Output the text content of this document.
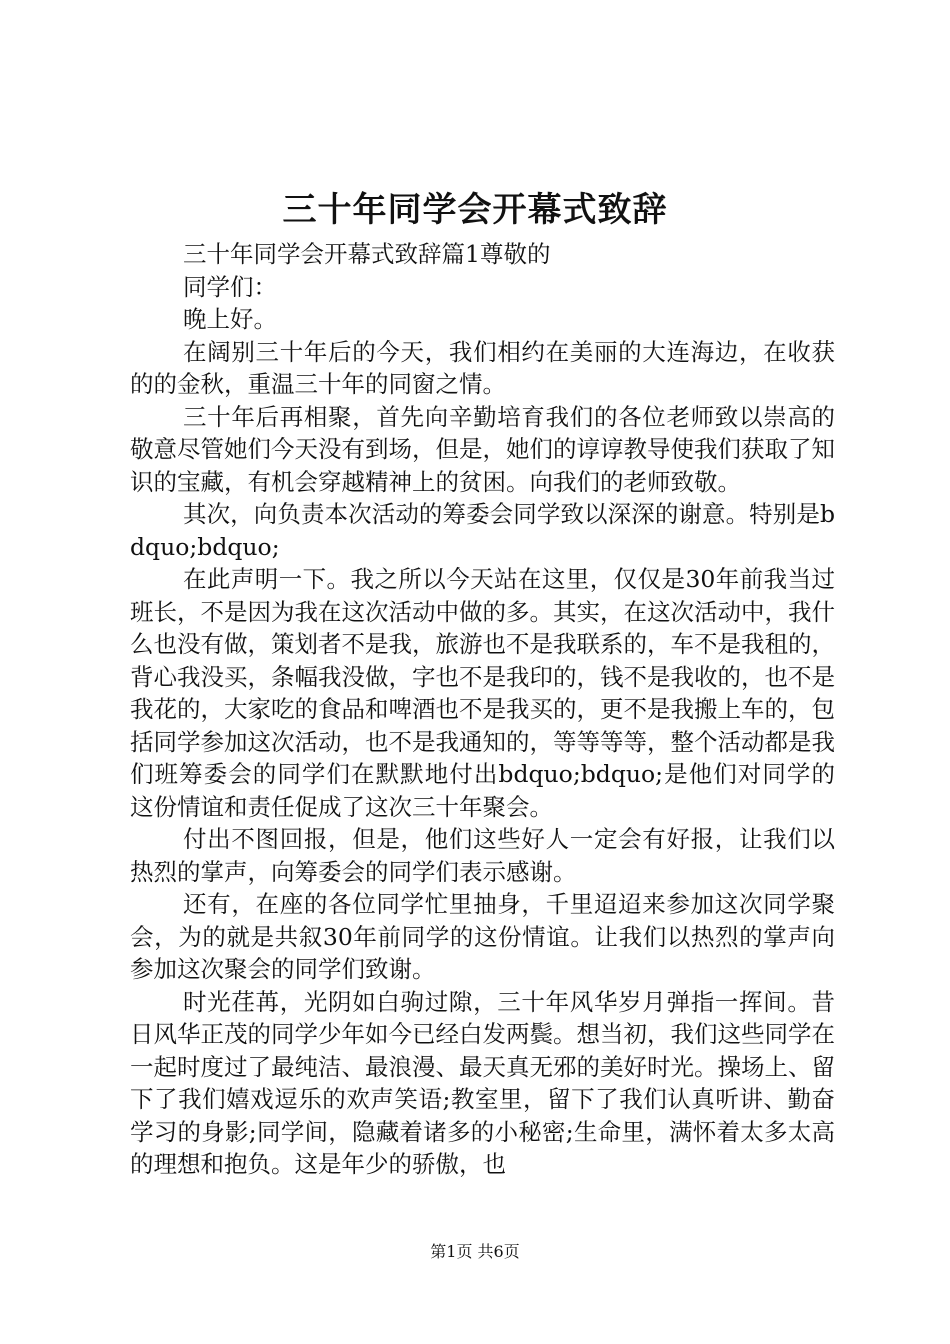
三十年同学会开幕式致辞

三十年同学会开幕式致辞篇1尊敬的

同学们：

晚上好。

在阔别三十年后的今天，我们相约在美丽的大连海边，在收获的的金秋，重温三十年的同窗之情。

三十年后再相聚，首先向辛勤培育我们的各位老师致以崇高的敬意尽管她们今天没有到场，但是，她们的谆谆教导使我们获取了知识的宝藏，有机会穿越精神上的贫困。向我们的老师致敬。

其次，向负责本次活动的筹委会同学致以深深的谢意。特别是bdquo;bdquo;

在此声明一下。我之所以今天站在这里，仅仅是30年前我当过班长，不是因为我在这次活动中做的多。其实，在这次活动中，我什么也没有做，策划者不是我，旅游也不是我联系的，车不是我租的，背心我没买，条幅我没做，字也不是我印的，钱不是我收的，也不是我花的，大家吃的食品和啤酒也不是我买的，更不是我搬上车的，包括同学参加这次活动，也不是我通知的，等等等等，整个活动都是我们班筹委会的同学们在默默地付出bdquo;bdquo;是他们对同学的这份情谊和责任促成了这次三十年聚会。

付出不图回报，但是，他们这些好人一定会有好报，让我们以热烈的掌声，向筹委会的同学们表示感谢。

还有，在座的各位同学忙里抽身，千里迢迢来参加这次同学聚会，为的就是共叙30年前同学的这份情谊。让我们以热烈的掌声向参加这次聚会的同学们致谢。

时光荏苒，光阴如白驹过隙，三十年风华岁月弹指一挥间。昔日风华正茂的同学少年如今已经白发两鬓。想当初，我们这些同学在一起时度过了最纯洁、最浪漫、最天真无邪的美好时光。操场上、留下了我们嬉戏逗乐的欢声笑语;教室里，留下了我们认真听讲、勤奋学习的身影;同学间，隐藏着诸多的小秘密;生命里，满怀着太多太高的理想和抱负。这是年少的骄傲，也

第1页 共6页
